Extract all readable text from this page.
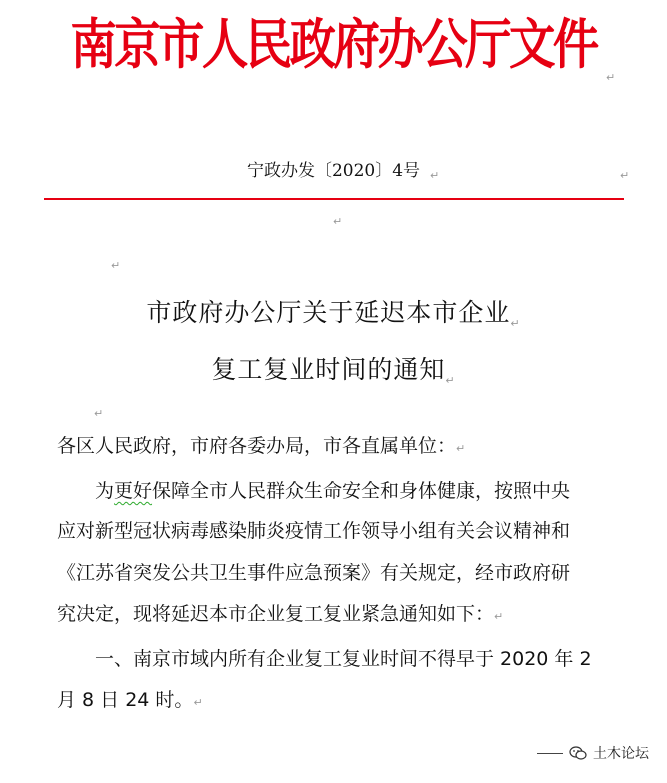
南京市人民政府办公厅文件
↵
宁政办发〔2020〕4号 ↵	↵
↵
↵
市政府办公厅关于延迟本市企业$_↵$
复工复业时间的通知$_↵$
↵
各区人民政府，市府各委办局，市各直属单位：↵
为更好保障全市人民群众生命安全和身体健康，按照中央
应对新型冠状病毒感染肺炎疫情工作领导小组有关会议精神和
《江苏省突发公共卫生事件应急预案》有关规定，经市政府研
究决定，现将延迟本市企业复工复业紧急通知如下：↵
一、南京市域内所有企业复工复业时间不得早于 2020 年 2
月 8 日 24 时。↵
土木论坛
